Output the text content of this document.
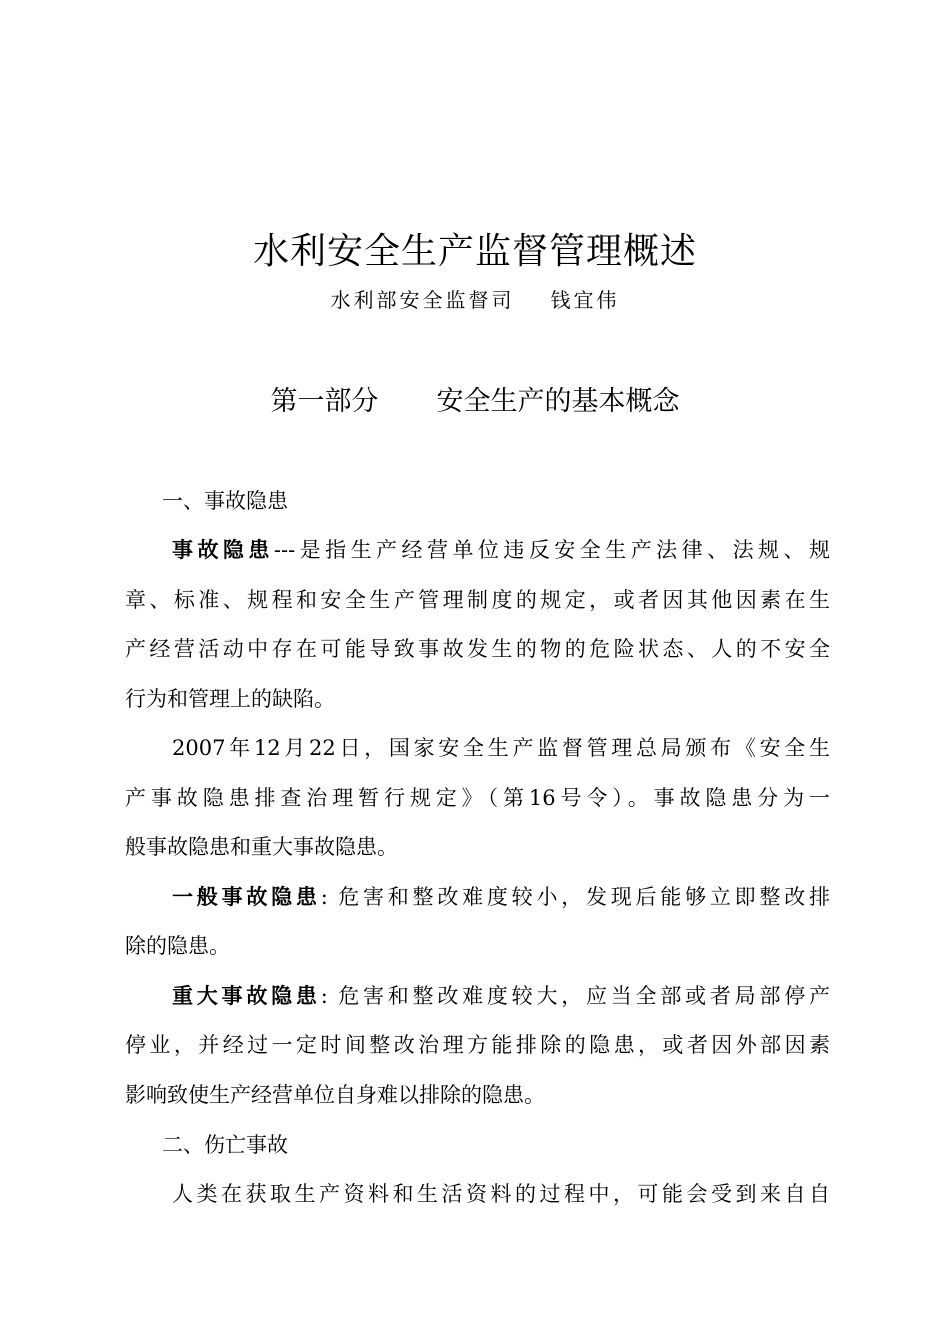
水利安全生产监督管理概述
水利部安全监督司 钱宜伟
第一部分 安全生产的基本概念
一、事故隐患

事故隐患---是指生产经营单位违反安全生产法律、法规、规
章、标准、规程和安全生产管理制度的规定，或者因其他因素在生
产经营活动中存在可能导致事故发生的物的危险状态、人的不安全
行为和管理上的缺陷。

2007年12月22日，国家安全生产监督管理总局颁布《安全生
产事故隐患排查治理暂行规定》（第16号令）。事故隐患分为一
般事故隐患和重大事故隐患。

一般事故隐患: 危害和整改难度较小，发现后能够立即整改排
除的隐患。

重大事故隐患: 危害和整改难度较大，应当全部或者局部停产
停业，并经过一定时间整改治理方能排除的隐患，或者因外部因素
影响致使生产经营单位自身难以排除的隐患。

二、伤亡事故

人类在获取生产资料和生活资料的过程中，可能会受到来自自
